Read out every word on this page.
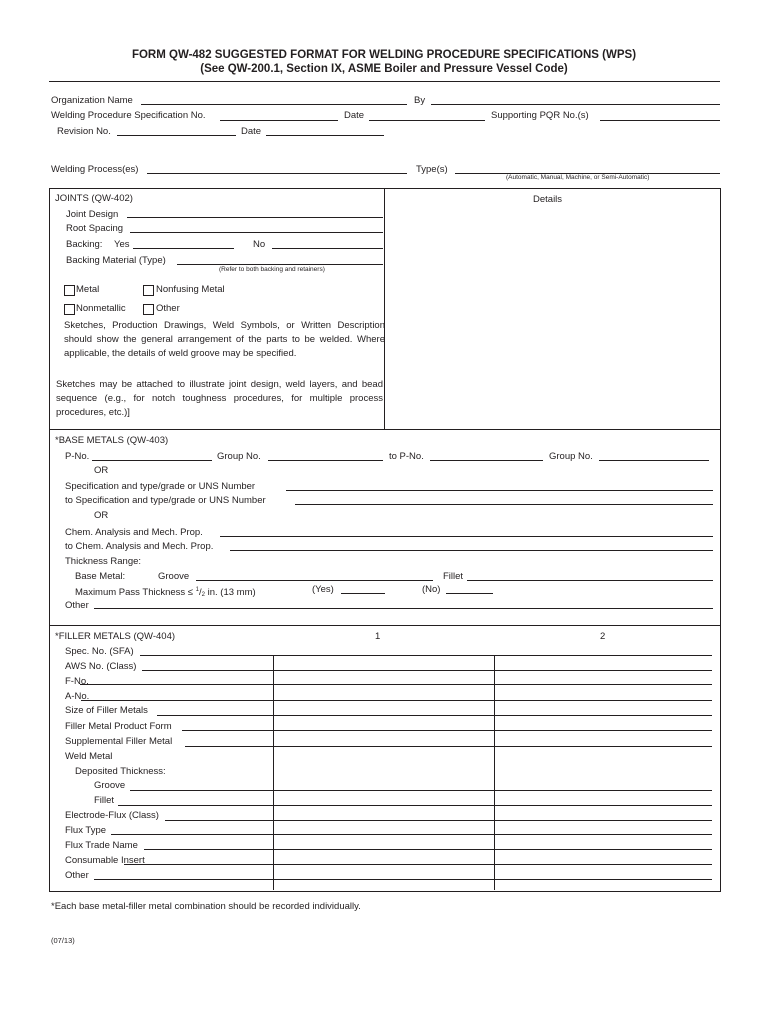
FORM QW-482 SUGGESTED FORMAT FOR WELDING PROCEDURE SPECIFICATIONS (WPS)
(See QW-200.1, Section IX, ASME Boiler and Pressure Vessel Code)
Organization Name	By
Welding Procedure Specification No.	Date	Supporting PQR No.(s)
Revision No.	Date
Welding Process(es)	Type(s)
(Automatic, Manual, Machine, or Semi-Automatic)
JOINTS (QW-402)	Details
Joint Design
Root Spacing
Backing: Yes	No
Backing Material (Type)
(Refer to both backing and retainers)
Metal	Nonfusing Metal
Nonmetallic	Other
Sketches, Production Drawings, Weld Symbols, or Written Description should show the general arrangement of the parts to be welded. Where applicable, the details of weld groove may be specified.
Sketches may be attached to illustrate joint design, weld layers, and bead sequence (e.g., for notch toughness procedures, for multiple process procedures, etc.)]
*BASE METALS (QW-403)
P-No.	Group No.	to P-No.	Group No.
OR
Specification and type/grade or UNS Number
to Specification and type/grade or UNS Number
OR
Chem. Analysis and Mech. Prop.
to Chem. Analysis and Mech. Prop.
Thickness Range:
Base Metal:	Groove	Fillet
Maximum Pass Thickness ≤ $^1$/2 in. (13 mm)	(Yes)	(No)
Other
*FILLER METALS (QW-404)	1	2
Spec. No. (SFA)
AWS No. (Class)
F-No.
A-No.
Size of Filler Metals
Filler Metal Product Form
Supplemental Filler Metal
Weld Metal
Deposited Thickness:
Groove
Fillet
Electrode-Flux (Class)
Flux Type
Flux Trade Name
Consumable Insert
Other
*Each base metal-filler metal combination should be recorded individually.
(07/13)
